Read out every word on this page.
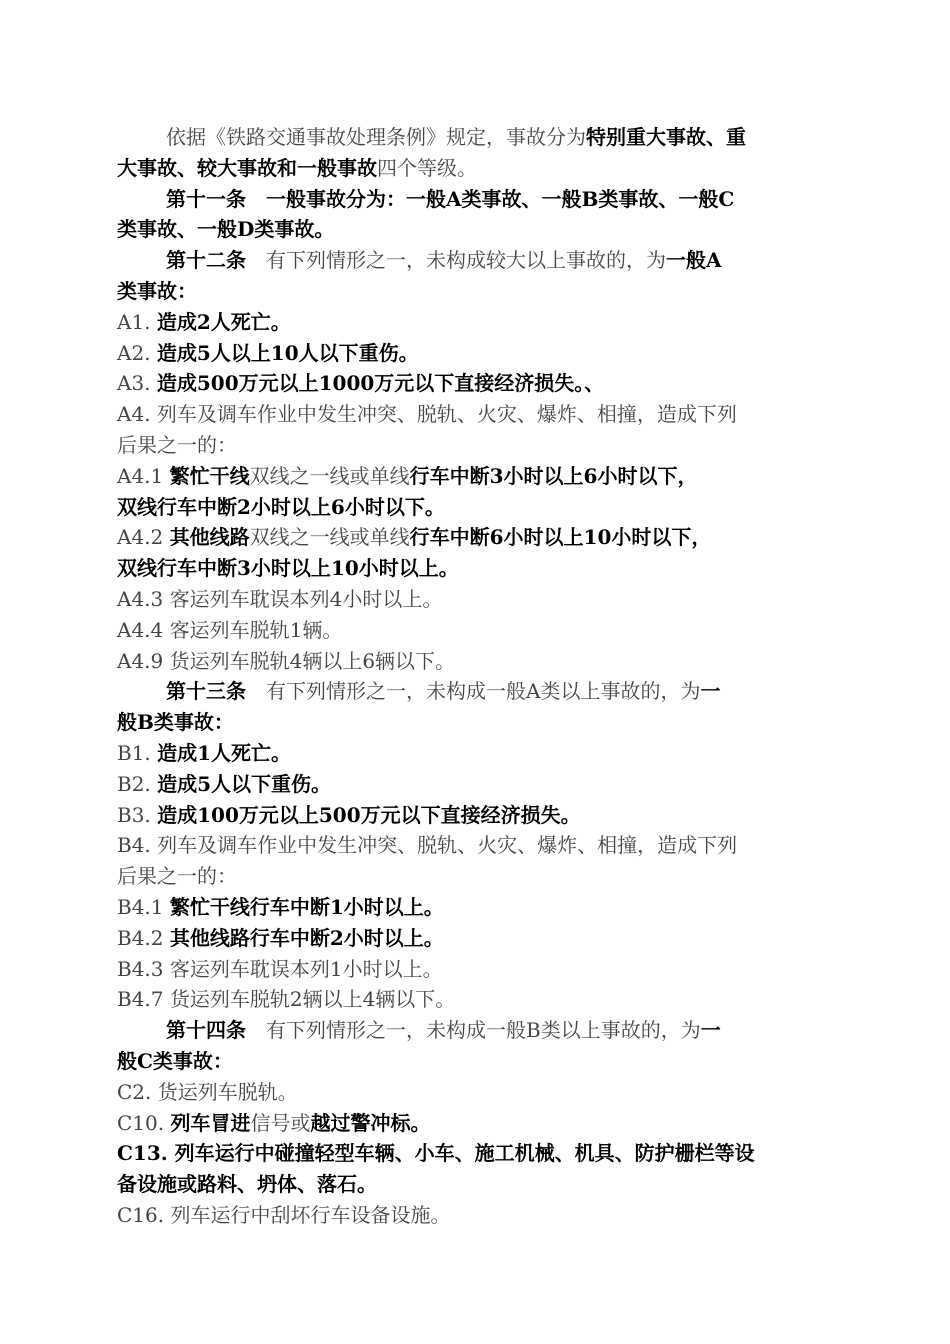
依据《铁路交通事故处理条例》规定，事故分为特别重大事故、重

大事故、较大事故和一般事故四个等级。

第十一条　一般事故分为：一般A类事故、一般B类事故、一般C

类事故、一般D类事故。

第十二条　有下列情形之一，未构成较大以上事故的，为一般A

类事故：

A1. 造成2人死亡。

A2. 造成5人以上10人以下重伤。

A3. 造成500万元以上1000万元以下直接经济损失。、

A4. 列车及调车作业中发生冲突、脱轨、火灾、爆炸、相撞，造成下列

后果之一的：

A4.1 繁忙干线双线之一线或单线行车中断3小时以上6小时以下，

双线行车中断2小时以上6小时以下。

A4.2 其他线路双线之一线或单线行车中断6小时以上10小时以下，

双线行车中断3小时以上10小时以上。

A4.3 客运列车耽误本列4小时以上。

A4.4 客运列车脱轨1辆。

A4.9 货运列车脱轨4辆以上6辆以下。

第十三条　有下列情形之一，未构成一般A类以上事故的，为一

般B类事故：

B1. 造成1人死亡。

B2. 造成5人以下重伤。

B3. 造成100万元以上500万元以下直接经济损失。

B4. 列车及调车作业中发生冲突、脱轨、火灾、爆炸、相撞，造成下列

后果之一的：

B4.1 繁忙干线行车中断1小时以上。

B4.2 其他线路行车中断2小时以上。

B4.3 客运列车耽误本列1小时以上。

B4.7 货运列车脱轨2辆以上4辆以下。

第十四条　有下列情形之一，未构成一般B类以上事故的，为一

般C类事故：

C2. 货运列车脱轨。

C10. 列车冒进信号或越过警冲标。

C13. 列车运行中碰撞轻型车辆、小车、施工机械、机具、防护栅栏等设

备设施或路料、坍体、落石。

C16. 列车运行中刮坏行车设备设施。
